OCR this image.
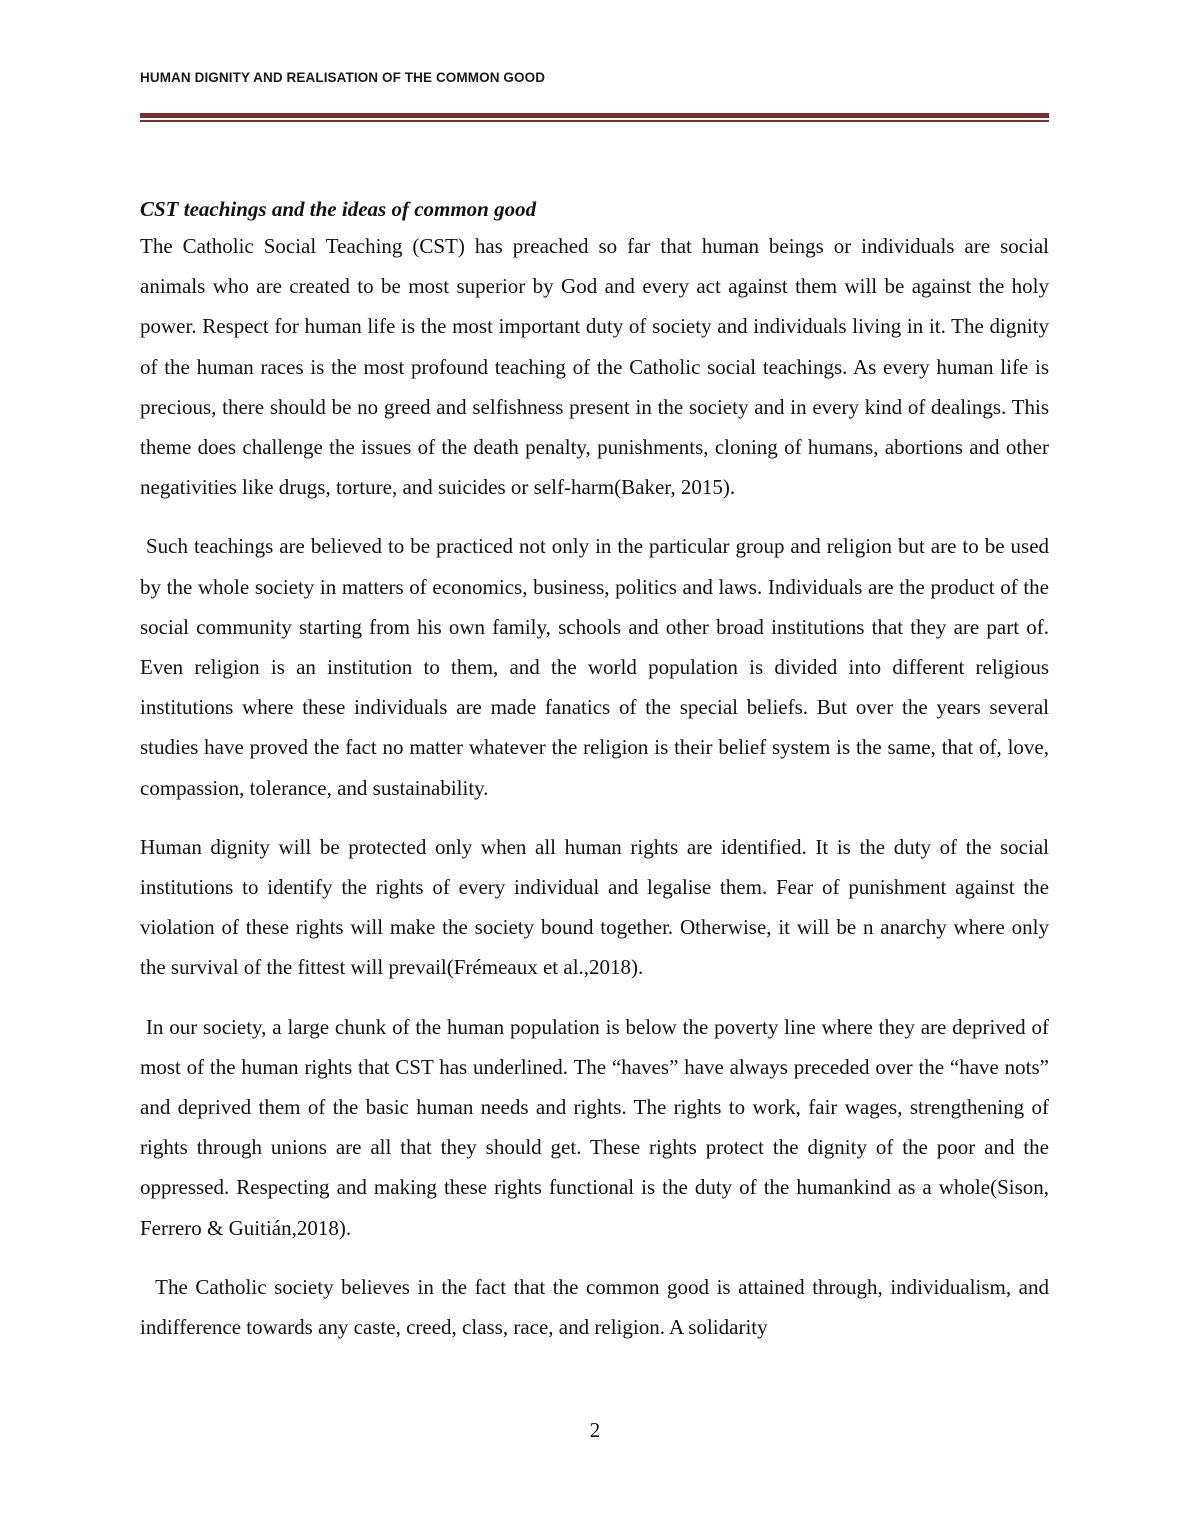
HUMAN DIGNITY AND REALISATION OF THE COMMON GOOD

CST teachings and the ideas of common good

The Catholic Social Teaching (CST) has preached so far that human beings or individuals are social animals who are created to be most superior by God and every act against them will be against the holy power. Respect for human life is the most important duty of society and individuals living in it. The dignity of the human races is the most profound teaching of the Catholic social teachings. As every human life is precious, there should be no greed and selfishness present in the society and in every kind of dealings. This theme does challenge the issues of the death penalty, punishments, cloning of humans, abortions and other negativities like drugs, torture, and suicides or self-harm(Baker, 2015).

Such teachings are believed to be practiced not only in the particular group and religion but are to be used by the whole society in matters of economics, business, politics and laws. Individuals are the product of the social community starting from his own family, schools and other broad institutions that they are part of. Even religion is an institution to them, and the world population is divided into different religious institutions where these individuals are made fanatics of the special beliefs. But over the years several studies have proved the fact no matter whatever the religion is their belief system is the same, that of, love, compassion, tolerance, and sustainability.

Human dignity will be protected only when all human rights are identified. It is the duty of the social institutions to identify the rights of every individual and legalise them. Fear of punishment against the violation of these rights will make the society bound together. Otherwise, it will be n anarchy where only the survival of the fittest will prevail(Frémeaux et al.,2018).

In our society, a large chunk of the human population is below the poverty line where they are deprived of most of the human rights that CST has underlined. The “haves” have always preceded over the “have nots” and deprived them of the basic human needs and rights. The rights to work, fair wages, strengthening of rights through unions are all that they should get. These rights protect the dignity of the poor and the oppressed. Respecting and making these rights functional is the duty of the humankind as a whole(Sison, Ferrero & Guitián,2018).

The Catholic society believes in the fact that the common good is attained through, individualism, and indifference towards any caste, creed, class, race, and religion. A solidarity

2
